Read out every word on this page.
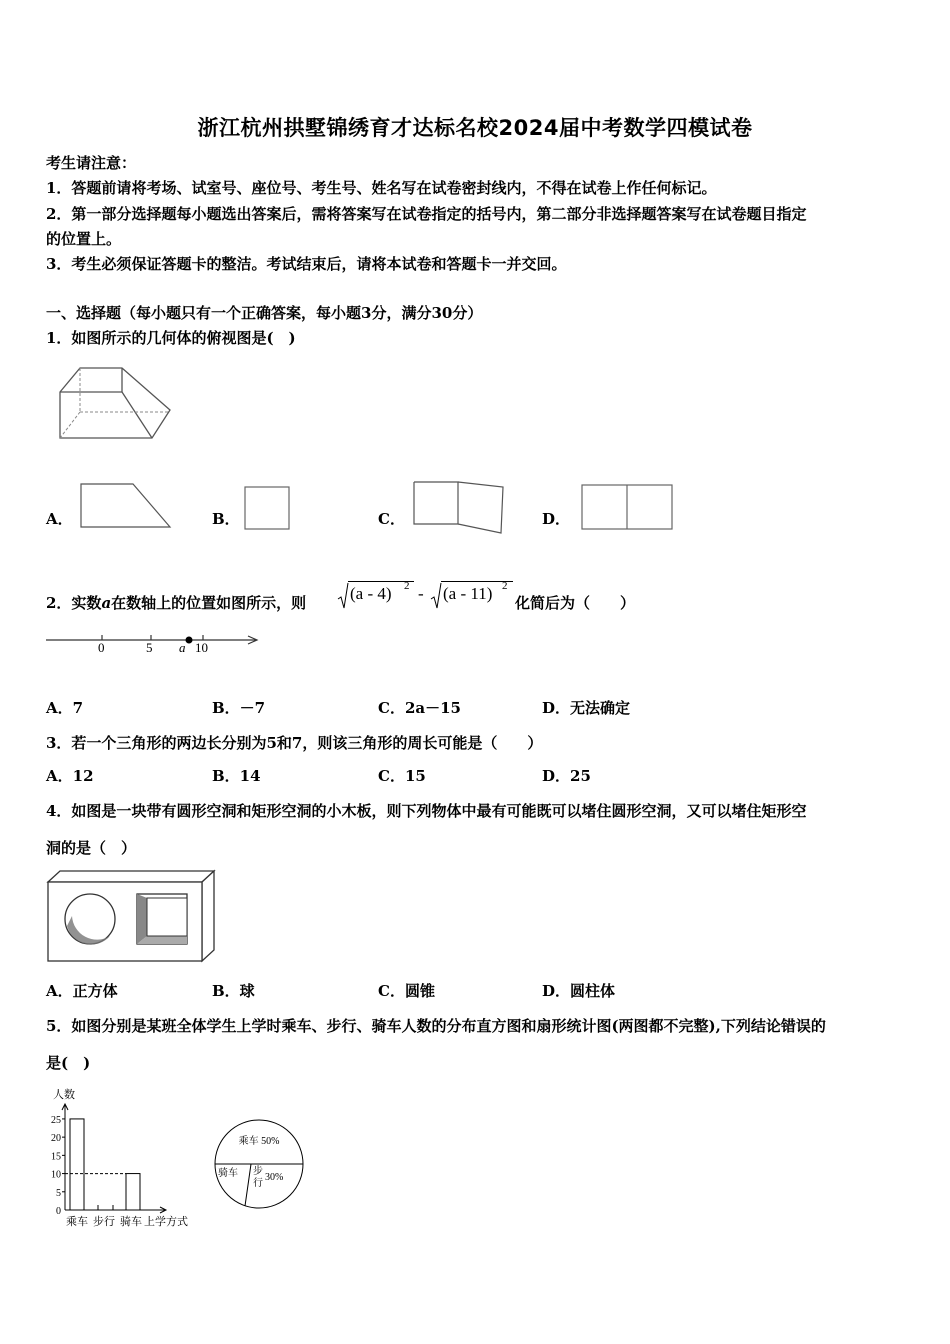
浙江杭州拱墅锦绣育才达标名校2024届中考数学四模试卷
考生请注意：
1．答题前请将考场、试室号、座位号、考生号、姓名写在试卷密封线内，不得在试卷上作任何标记。
2．第一部分选择题每小题选出答案后，需将答案写在试卷指定的括号内，第二部分非选择题答案写在试卷题目指定
的位置上。
3．考生必须保证答题卡的整洁。考试结束后，请将本试卷和答题卡一并交回。
一、选择题（每小题只有一个正确答案，每小题3分，满分30分）
1．如图所示的几何体的俯视图是(　)
A．	B．	C．	D．
2．实数a在数轴上的位置如图所示，则	(a - 4) 2 - (a - 11) 2
化简后为（　　）
0	5 a 10
A．7	B．－7	C．2a－15	D．无法确定
3．若一个三角形的两边长分别为5和7，则该三角形的周长可能是（　　）
A．12	B．14	C．15	D．25
4．如图是一块带有圆形空洞和矩形空洞的小木板，则下列物体中最有可能既可以堵住圆形空洞，又可以堵住矩形空
洞的是（　）
A．正方体	B．球	C．圆锥	D．圆柱体
5．如图分别是某班全体学生上学时乘车、步行、骑车人数的分布直方图和扇形统计图(两图都不完整),下列结论错误的
是(　)
人数
0
5
10
15
20
25
乘车 步行 骑车 上学方式
乘车 50%
骑车 步
行
30%
